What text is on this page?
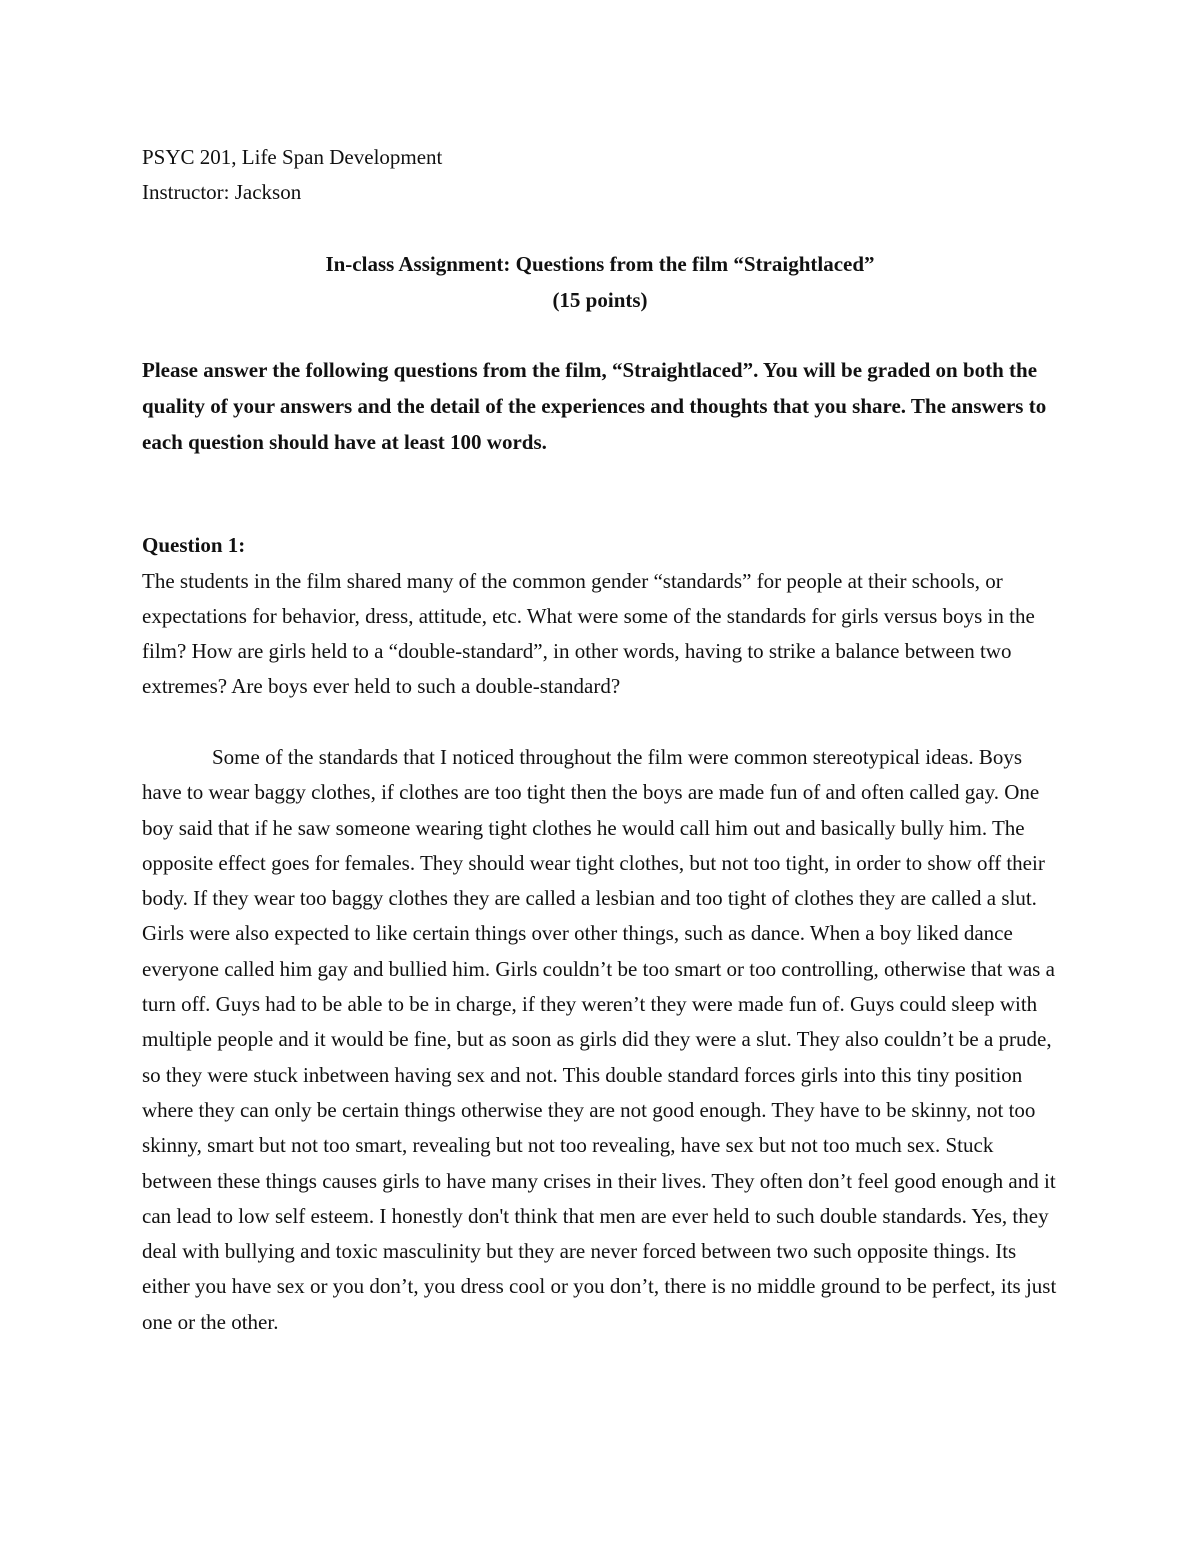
PSYC 201, Life Span Development
Instructor: Jackson
In-class Assignment: Questions from the film “Straightlaced”
(15 points)

Please answer the following questions from the film, “Straightlaced”. You will be graded on both the quality of your answers and the detail of the experiences and thoughts that you share. The answers to each question should have at least 100 words.

Question 1:

The students in the film shared many of the common gender “standards” for people at their schools, or expectations for behavior, dress, attitude, etc. What were some of the standards for girls versus boys in the film? How are girls held to a “double-standard”, in other words, having to strike a balance between two extremes? Are boys ever held to such a double-standard?

Some of the standards that I noticed throughout the film were common stereotypical ideas. Boys have to wear baggy clothes, if clothes are too tight then the boys are made fun of and often called gay. One boy said that if he saw someone wearing tight clothes he would call him out and basically bully him. The opposite effect goes for females. They should wear tight clothes, but not too tight, in order to show off their body. If they wear too baggy clothes they are called a lesbian and too tight of clothes they are called a slut. Girls were also expected to like certain things over other things, such as dance. When a boy liked dance everyone called him gay and bullied him. Girls couldn’t be too smart or too controlling, otherwise that was a turn off. Guys had to be able to be in charge, if they weren’t they were made fun of. Guys could sleep with multiple people and it would be fine, but as soon as girls did they were a slut. They also couldn’t be a prude, so they were stuck inbetween having sex and not. This double standard forces girls into this tiny position where they can only be certain things otherwise they are not good enough. They have to be skinny, not too skinny, smart but not too smart, revealing but not too revealing, have sex but not too much sex. Stuck between these things causes girls to have many crises in their lives. They often don’t feel good enough and it can lead to low self esteem. I honestly don't think that men are ever held to such double standards. Yes, they deal with bullying and toxic masculinity but they are never forced between two such opposite things. Its either you have sex or you don’t, you dress cool or you don’t, there is no middle ground to be perfect, its just one or the other.
